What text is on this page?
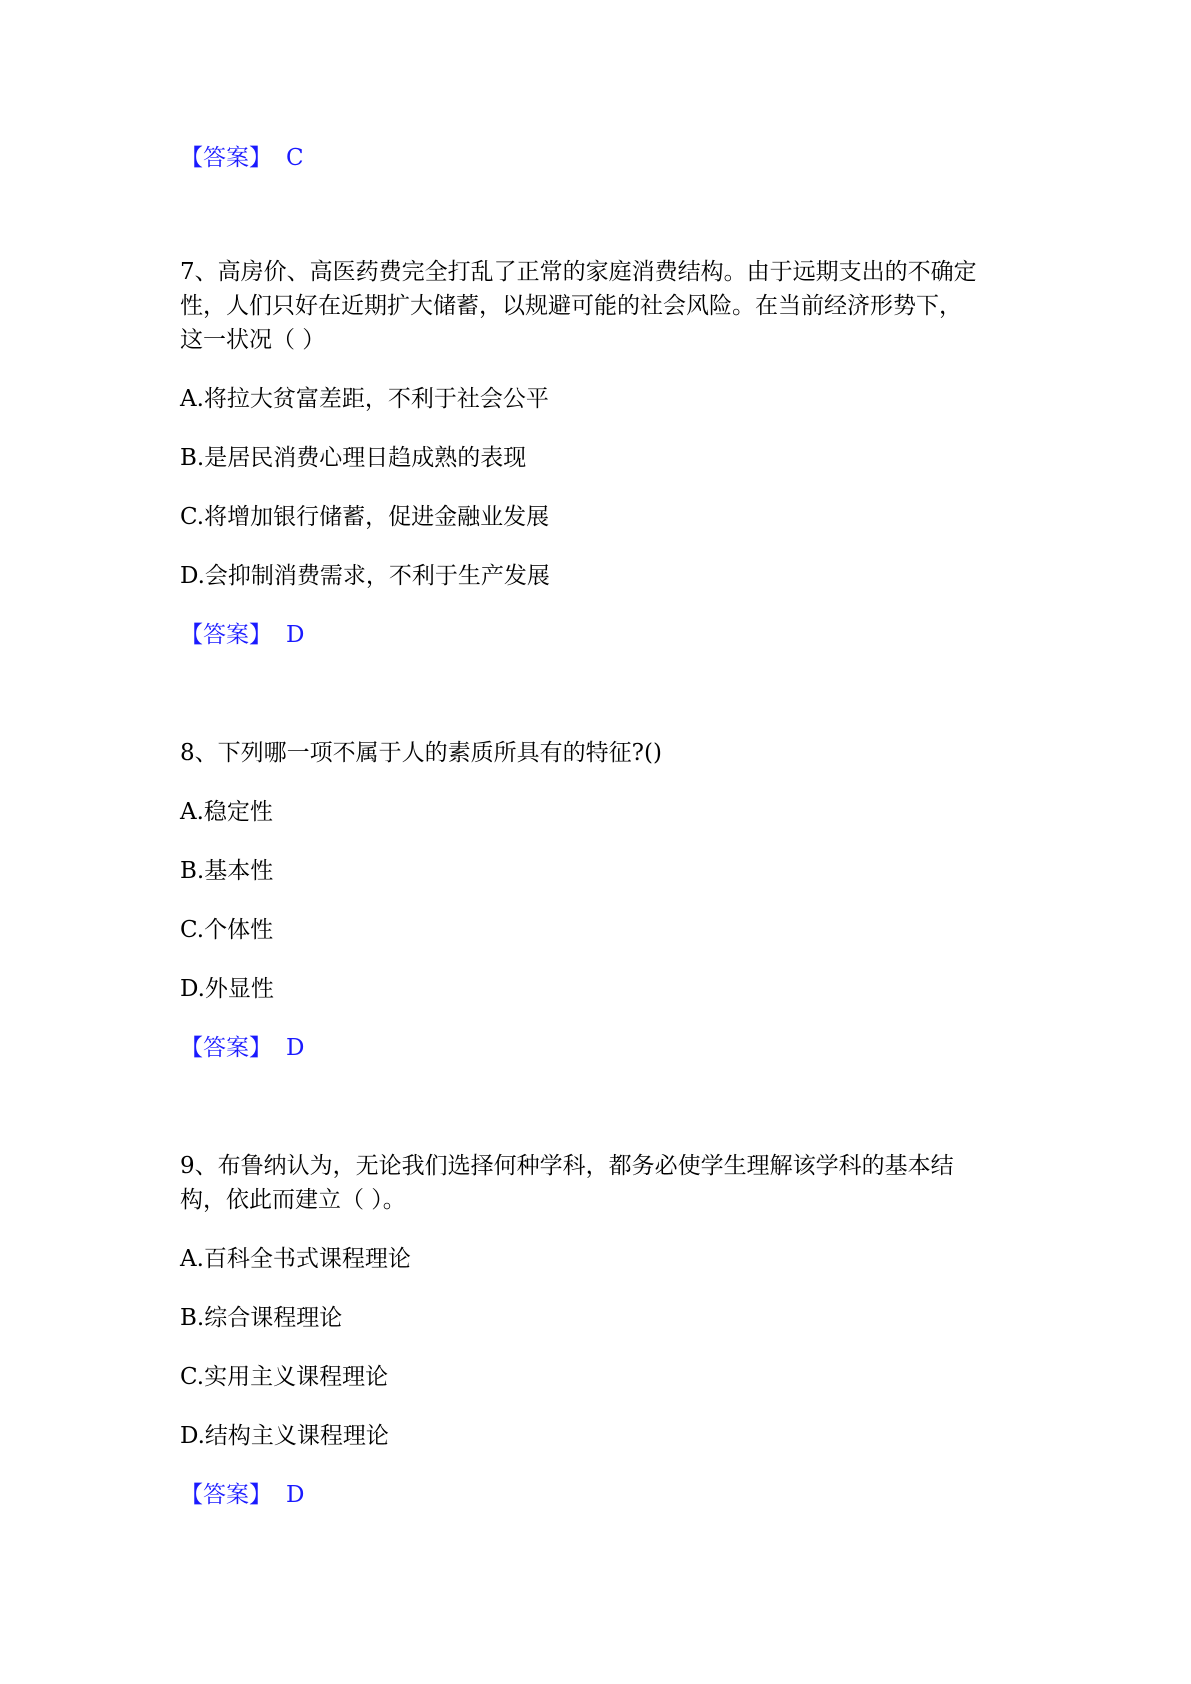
【答案】 C
7、高房价、高医药费完全打乱了正常的家庭消费结构。由于远期支出的不确定
性，人们只好在近期扩大储蓄，以规避可能的社会风险。在当前经济形势下，
这一状况（ ）
A.将拉大贫富差距，不利于社会公平
B.是居民消费心理日趋成熟的表现
C.将增加银行储蓄，促进金融业发展
D.会抑制消费需求，不利于生产发展
【答案】 D
8、下列哪一项不属于人的素质所具有的特征?()
A.稳定性
B.基本性
C.个体性
D.外显性
【答案】 D
9、布鲁纳认为，无论我们选择何种学科，都务必使学生理解该学科的基本结
构，依此而建立（ ）。
A.百科全书式课程理论
B.综合课程理论
C.实用主义课程理论
D.结构主义课程理论
【答案】 D
